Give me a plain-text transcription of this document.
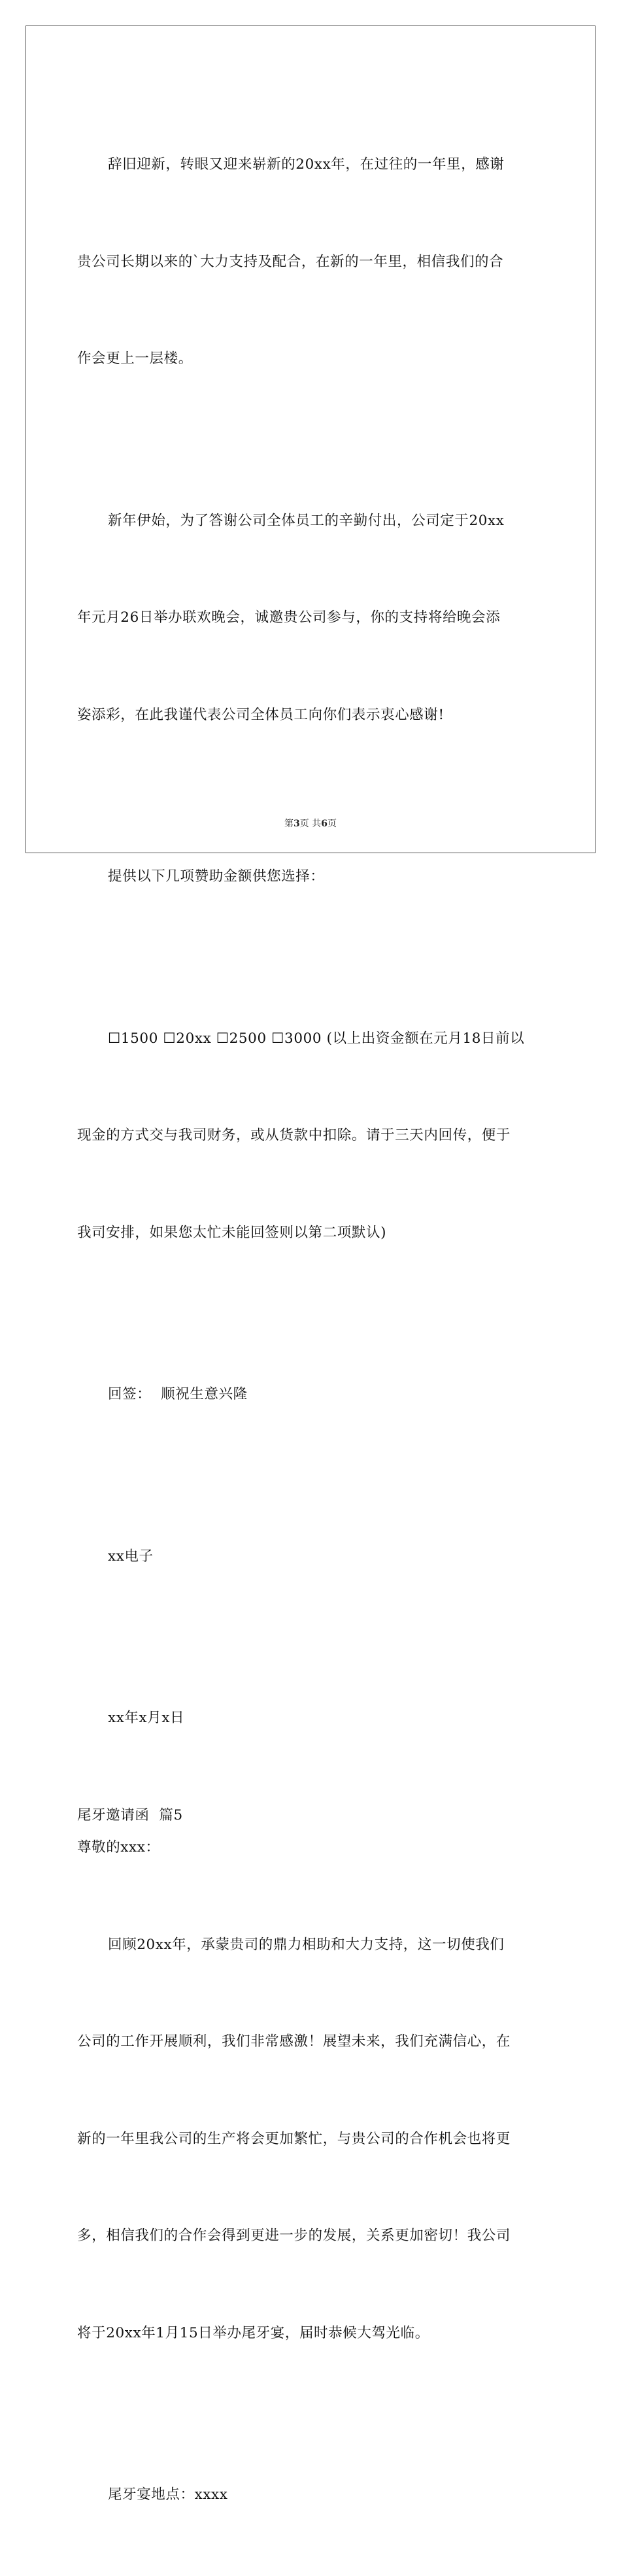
辞旧迎新，转眼又迎来崭新的20xx年，在过往的一年里，感谢

贵公司长期以来的`大力支持及配合，在新的一年里，相信我们的合

作会更上一层楼。

新年伊始，为了答谢公司全体员工的辛勤付出，公司定于20xx

年元月26日举办联欢晚会，诚邀贵公司参与，你的支持将给晚会添

姿添彩，在此我谨代表公司全体员工向你们表示衷心感谢!

提供以下几项赞助金额供您选择：

☐1500 ☐20xx ☐2500 ☐3000 (以上出资金额在元月18日前以

现金的方式交与我司财务，或从货款中扣除。请于三天内回传，便于

我司安排，如果您太忙未能回签则以第二项默认)

回签：  顺祝生意兴隆

xx电子

xx年x月x日

尾牙邀请函  篇5

尊敬的xxx：

回顾20xx年，承蒙贵司的鼎力相助和大力支持，这一切使我们

公司的工作开展顺利，我们非常感激！展望未来，我们充满信心，在

新的一年里我公司的生产将会更加繁忙，与贵公司的合作机会也将更

多，相信我们的合作会得到更进一步的发展，关系更加密切！我公司

将于20xx年1月15日举办尾牙宴，届时恭候大驾光临。

尾牙宴地点：xxxx

第3页 共6页
